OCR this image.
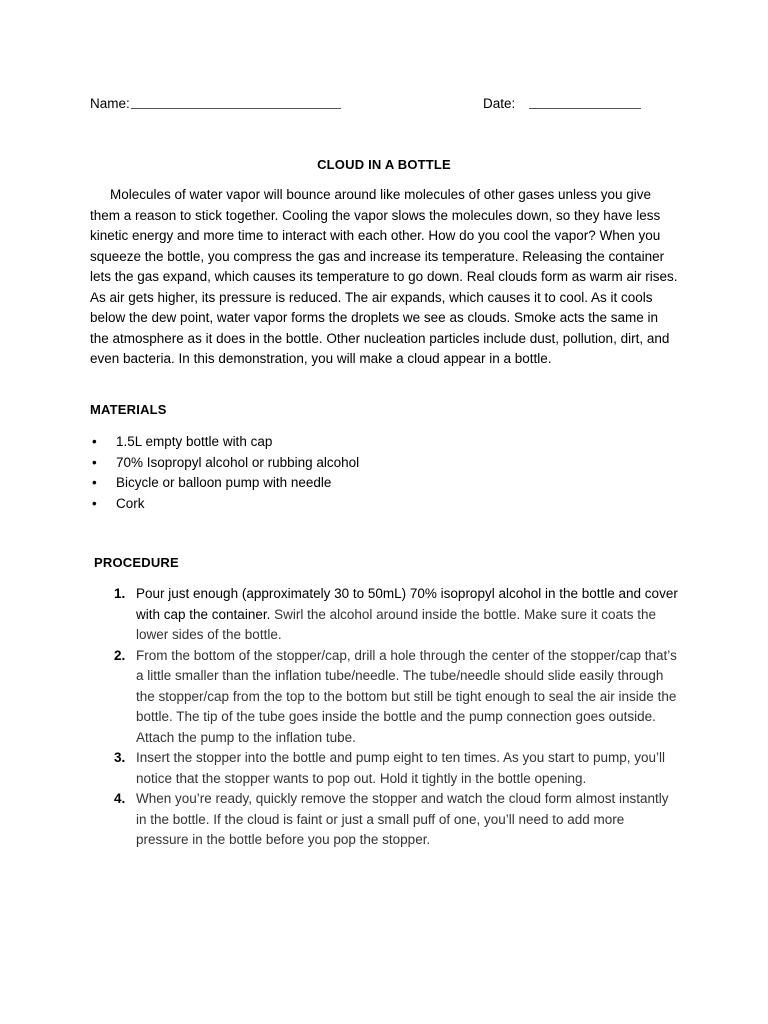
Name:	Date:
CLOUD IN A BOTTLE

Molecules of water vapor will bounce around like molecules of other gases unless you give them a reason to stick together. Cooling the vapor slows the molecules down, so they have less kinetic energy and more time to interact with each other. How do you cool the vapor? When you squeeze the bottle, you compress the gas and increase its temperature. Releasing the container lets the gas expand, which causes its temperature to go down. Real clouds form as warm air rises. As air gets higher, its pressure is reduced. The air expands, which causes it to cool. As it cools below the dew point, water vapor forms the droplets we see as clouds. Smoke acts the same in the atmosphere as it does in the bottle. Other nucleation particles include dust, pollution, dirt, and even bacteria. In this demonstration, you will make a cloud appear in a bottle.

MATERIALS
• 1.5L empty bottle with cap
• 70% Isopropyl alcohol or rubbing alcohol
• Bicycle or balloon pump with needle
• Cork
PROCEDURE
1. Pour just enough (approximately 30 to 50mL) 70% isopropyl alcohol in the bottle and cover with cap the container. Swirl the alcohol around inside the bottle. Make sure it coats the lower sides of the bottle.
2. From the bottom of the stopper/cap, drill a hole through the center of the stopper/cap that’s a little smaller than the inflation tube/needle. The tube/needle should slide easily through the stopper/cap from the top to the bottom but still be tight enough to seal the air inside the bottle. The tip of the tube goes inside the bottle and the pump connection goes outside. Attach the pump to the inflation tube.
3. Insert the stopper into the bottle and pump eight to ten times. As you start to pump, you’ll notice that the stopper wants to pop out. Hold it tightly in the bottle opening.
4. When you’re ready, quickly remove the stopper and watch the cloud form almost instantly in the bottle. If the cloud is faint or just a small puff of one, you’ll need to add more pressure in the bottle before you pop the stopper.
